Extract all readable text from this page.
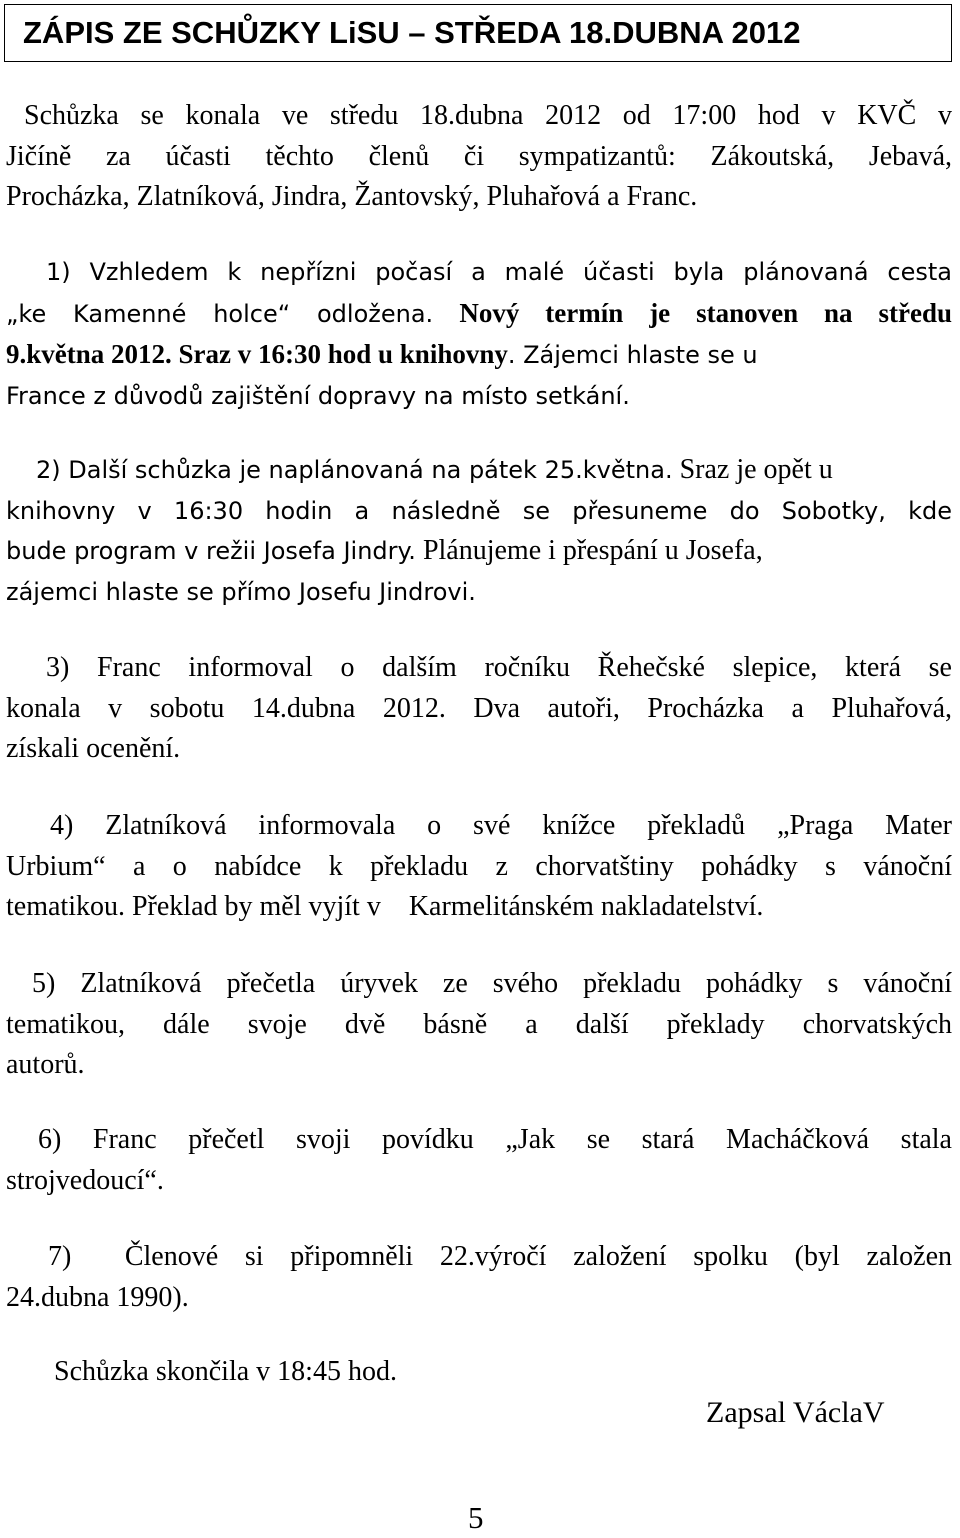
ZÁPIS ZE SCHŮZKY LiSU – STŘEDA 18.DUBNA 2012
Schůzka se konala ve středu 18.dubna 2012 od 17:00 hod v KVČ v
Jičíně za účasti těchto členů či sympatizantů: Zákoutská, Jebavá,
Procházka, Zlatníková, Jindra, Žantovský, Pluhařová a Franc.
1) Vzhledem k nepřízni počasí a malé účasti byla plánovaná cesta
„ke Kamenné holce“ odložena. Nový termín je stanoven na středu
9.května 2012. Sraz v 16:30 hod u knihovny. Zájemci hlaste se u
France z důvodů zajištění dopravy na místo setkání.
2) Další schůzka je naplánovaná na pátek 25.května. Sraz je opět u
knihovny v 16:30 hodin a následně se přesuneme do Sobotky, kde
bude program v režii Josefa Jindry. Plánujeme i přespání u Josefa,
zájemci hlaste se přímo Josefu Jindrovi.
3) Franc informoval o dalším ročníku Řehečské slepice, která se
konala v sobotu 14.dubna 2012. Dva autoři, Procházka a Pluhařová,
získali ocenění.
4) Zlatníková informovala o své knížce překladů „Praga Mater
Urbium“ a o nabídce k překladu z chorvatštiny pohádky s vánoční
tematikou. Překlad by měl vyjít v    Karmelitánském nakladatelství.
5) Zlatníková přečetla úryvek ze svého překladu pohádky s vánoční
tematikou, dále svoje dvě básně a další překlady chorvatských
autorů.
6) Franc přečetl svoji povídku „Jak se stará Macháčková stala
strojvedoucí“.
7)  Členové si připomněli 22.výročí založení spolku (byl založen
24.dubna 1990).
Schůzka skončila v 18:45 hod.
Zapsal VáclaV
5
